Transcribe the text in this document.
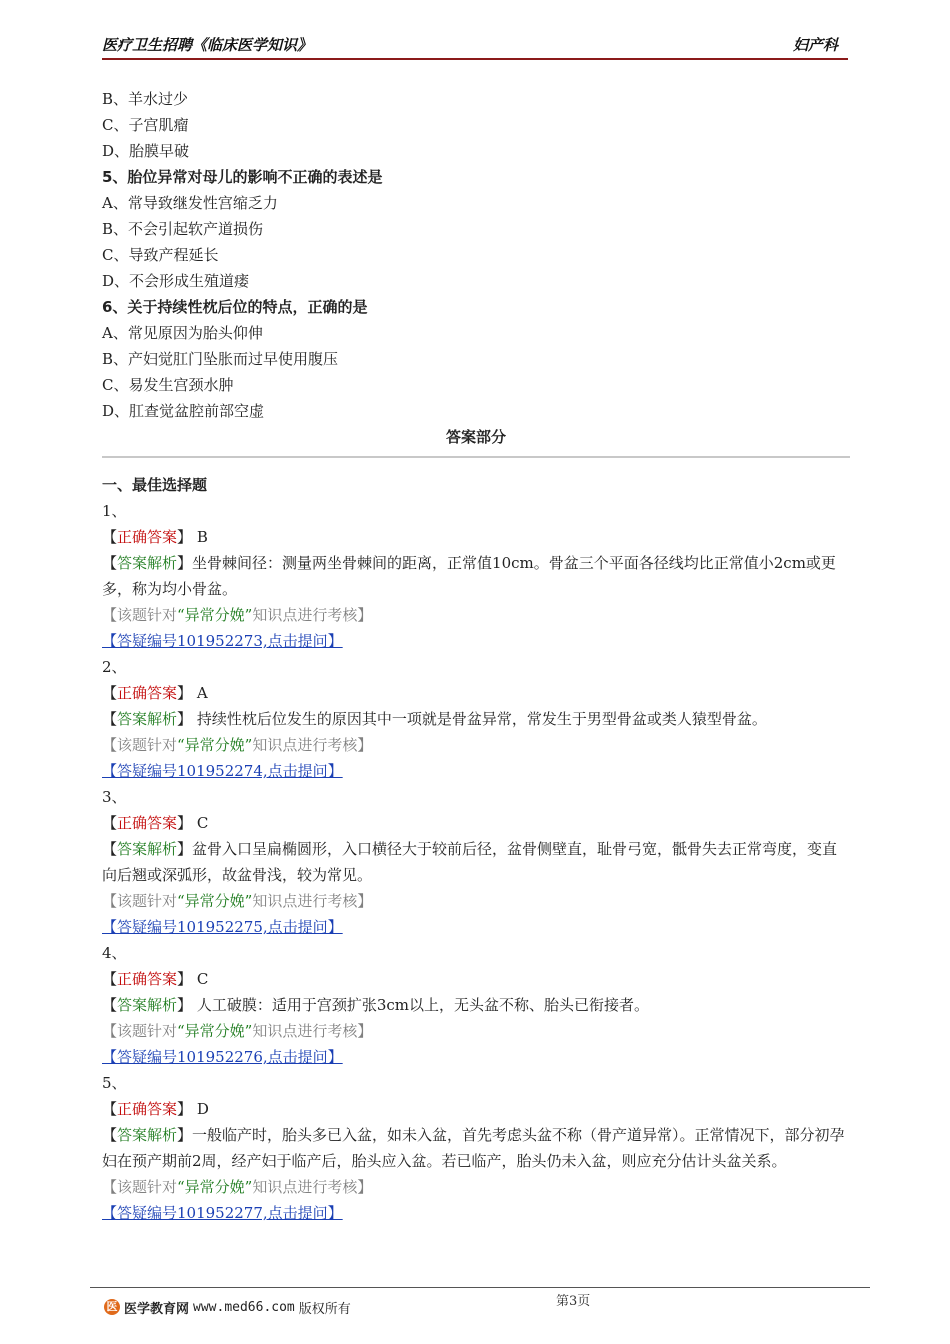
医疗卫生招聘《临床医学知识》	妇产科
B、羊水过少
C、子宫肌瘤
D、胎膜早破
5、胎位异常对母儿的影响不正确的表述是
A、常导致继发性宫缩乏力
B、不会引起软产道损伤
C、导致产程延长
D、不会形成生殖道瘘
6、关于持续性枕后位的特点，正确的是
A、常见原因为胎头仰伸
B、产妇觉肛门坠胀而过早使用腹压
C、易发生宫颈水肿
D、肛查觉盆腔前部空虚
答案部分
一、最佳选择题
1、
【正确答案】 B
【答案解析】坐骨棘间径：测量两坐骨棘间的距离，正常值10cm。骨盆三个平面各径线均比正常值小2cm或更多，称为均小骨盆。
【该题针对“异常分娩”知识点进行考核】
【答疑编号101952273,点击提问】
2、
【正确答案】 A
【答案解析】 持续性枕后位发生的原因其中一项就是骨盆异常，常发生于男型骨盆或类人猿型骨盆。
【该题针对“异常分娩”知识点进行考核】
【答疑编号101952274,点击提问】
3、
【正确答案】 C
【答案解析】盆骨入口呈扁椭圆形，入口横径大于较前后径，盆骨侧壁直，耻骨弓宽，骶骨失去正常弯度，变直向后翘或深弧形，故盆骨浅，较为常见。
【该题针对“异常分娩”知识点进行考核】
【答疑编号101952275,点击提问】
4、
【正确答案】 C
【答案解析】 人工破膜：适用于宫颈扩张3cm以上，无头盆不称、胎头已衔接者。
【该题针对“异常分娩”知识点进行考核】
【答疑编号101952276,点击提问】
5、
【正确答案】 D
【答案解析】一般临产时，胎头多已入盆，如未入盆，首先考虑头盆不称（骨产道异常）。正常情况下，部分初孕妇在预产期前2周，经产妇于临产后，胎头应入盆。若已临产，胎头仍未入盆，则应充分估计头盆关系。
【该题针对“异常分娩”知识点进行考核】
【答疑编号101952277,点击提问】
第3页
医 医学教育网 www.med66.com 版权所有
